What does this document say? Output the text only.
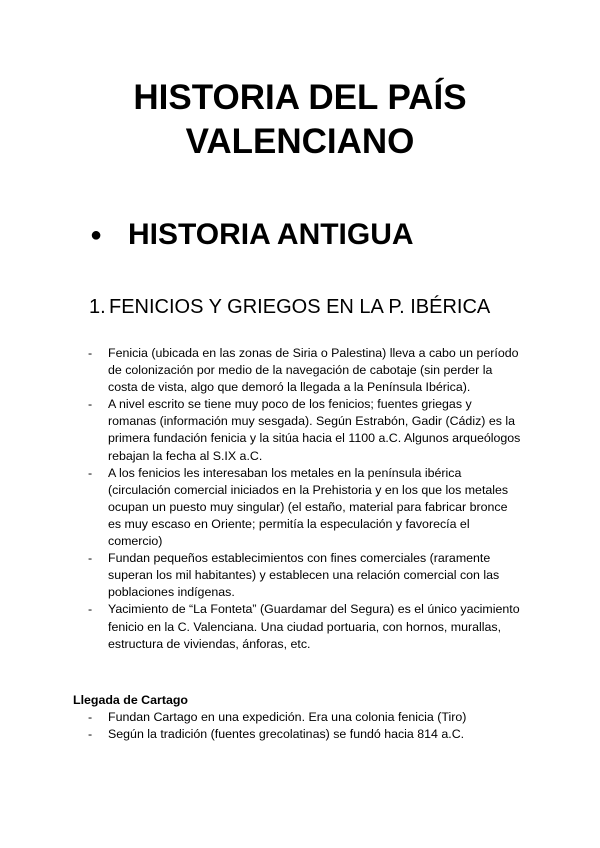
HISTORIA DEL PAÍS
VALENCIANO
● HISTORIA ANTIGUA
1. FENICIOS Y GRIEGOS EN LA P. IBÉRICA
- Fenicia (ubicada en las zonas de Siria o Palestina) lleva a cabo un período de colonización por medio de la navegación de cabotaje (sin perder la costa de vista, algo que demoró la llegada a la Península Ibérica).
- A nivel escrito se tiene muy poco de los fenicios; fuentes griegas y romanas (información muy sesgada). Según Estrabón, Gadir (Cádiz) es la primera fundación fenicia y la sitúa hacia el 1100 a.C. Algunos arqueólogos rebajan la fecha al S.IX a.C.
- A los fenicios les interesaban los metales en la península ibérica (circulación comercial iniciados en la Prehistoria y en los que los metales ocupan un puesto muy singular) (el estaño, material para fabricar bronce es muy escaso en Oriente; permitía la especulación y favorecía el comercio)
- Fundan pequeños establecimientos con fines comerciales (raramente superan los mil habitantes) y establecen una relación comercial con las poblaciones indígenas.
- Yacimiento de “La Fonteta” (Guardamar del Segura) es el único yacimiento fenicio en la C. Valenciana. Una ciudad portuaria, con hornos, murallas, estructura de viviendas, ánforas, etc.
Llegada de Cartago
- Fundan Cartago en una expedición. Era una colonia fenicia (Tiro)
- Según la tradición (fuentes grecolatinas) se fundó hacia 814 a.C.
